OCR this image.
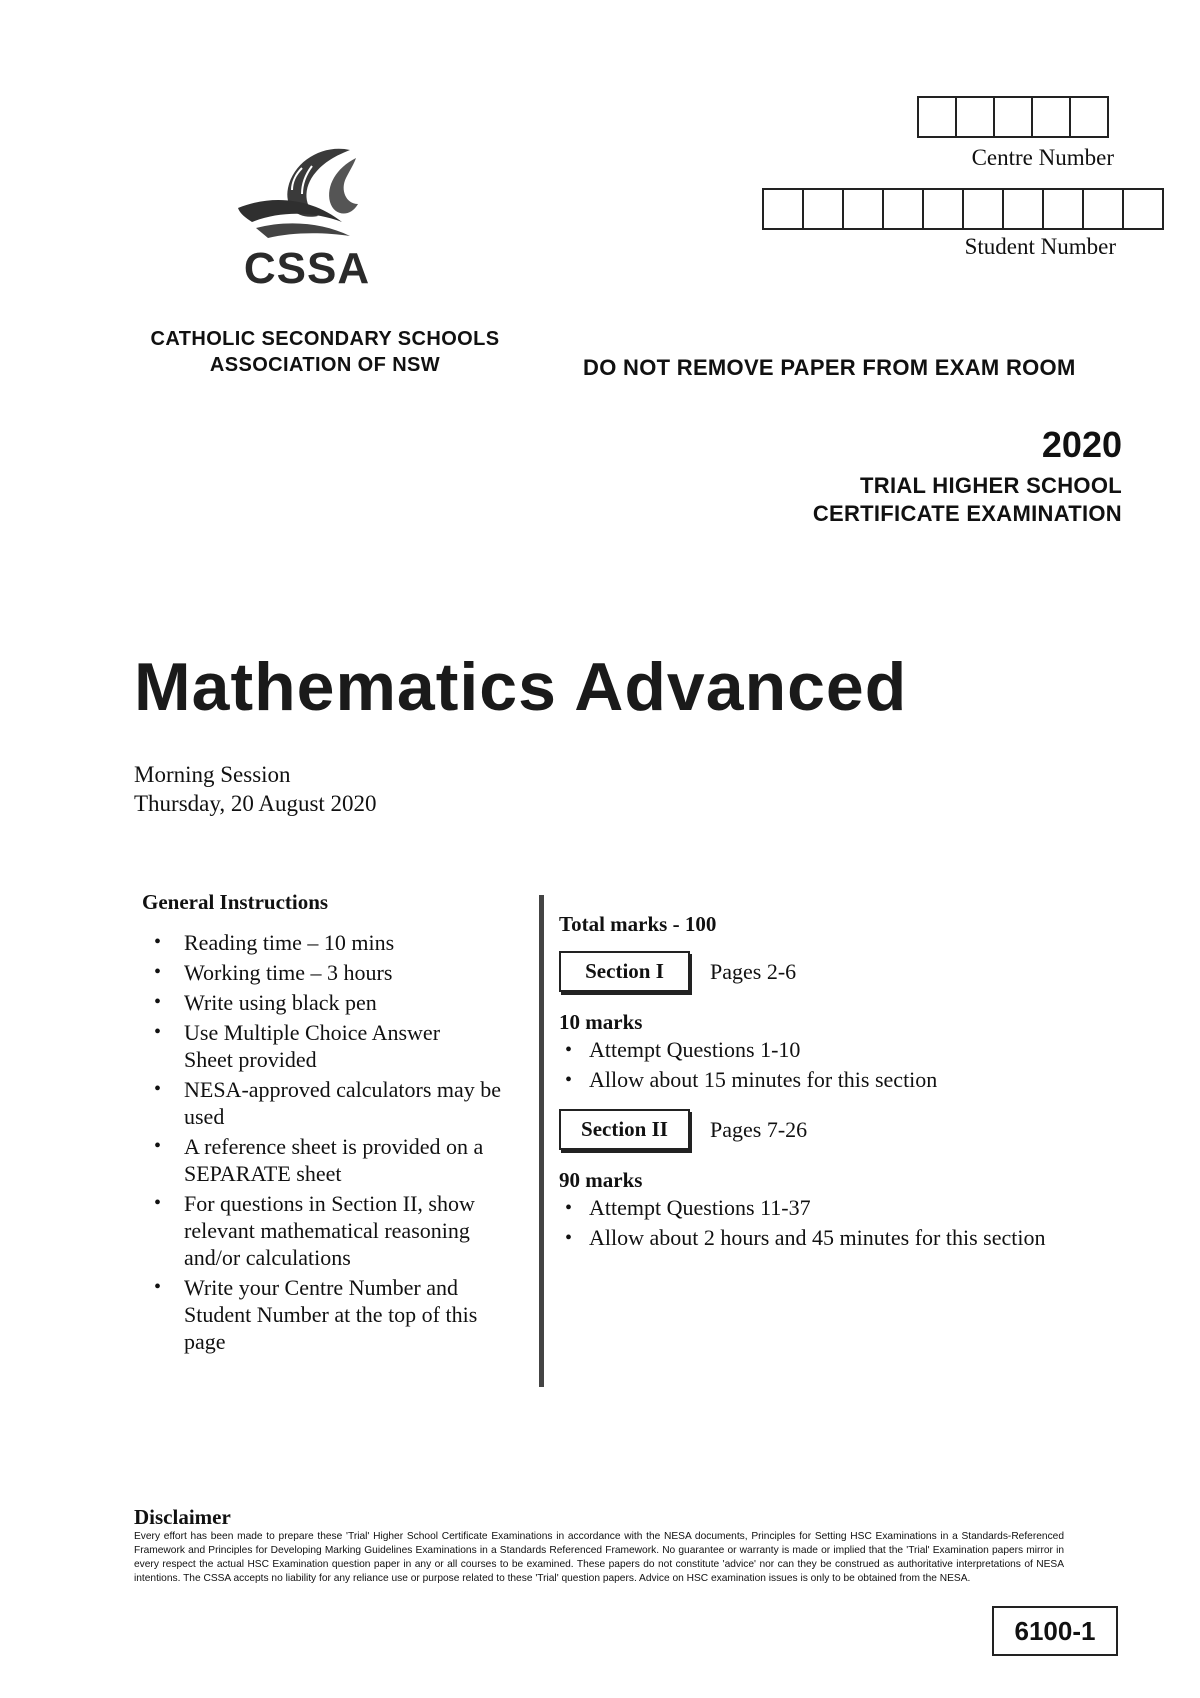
Centre Number
Student Number
CSSA
CATHOLIC SECONDARY SCHOOLS
ASSOCIATION OF NSW	DO NOT REMOVE PAPER FROM EXAM ROOM
2020
TRIAL HIGHER SCHOOL
CERTIFICATE EXAMINATION
Mathematics Advanced
Morning Session
Thursday, 20 August 2020
General Instructions
• Reading time – 10 mins
• Working time – 3 hours
• Write using black pen
• Use Multiple Choice Answer Sheet provided
• NESA-approved calculators may be used
• A reference sheet is provided on a SEPARATE sheet
• For questions in Section II, show relevant mathematical reasoning and/or calculations
• Write your Centre Number and Student Number at the top of this page
Total marks - 100
Section I	Pages 2-6
10 marks
• Attempt Questions 1-10
• Allow about 15 minutes for this section
Section II	Pages 7-26
90 marks
• Attempt Questions 11-37
• Allow about 2 hours and 45 minutes for this section
Disclaimer
Every effort has been made to prepare these 'Trial' Higher School Certificate Examinations in accordance with the NESA documents, Principles for Setting HSC Examinations in a Standards-Referenced Framework and Principles for Developing Marking Guidelines Examinations in a Standards Referenced Framework. No guarantee or warranty is made or implied that the 'Trial' Examination papers mirror in every respect the actual HSC Examination question paper in any or all courses to be examined. These papers do not constitute 'advice' nor can they be construed as authoritative interpretations of NESA intentions. The CSSA accepts no liability for any reliance use or purpose related to these 'Trial' question papers. Advice on HSC examination issues is only to be obtained from the NESA.
6100-1
